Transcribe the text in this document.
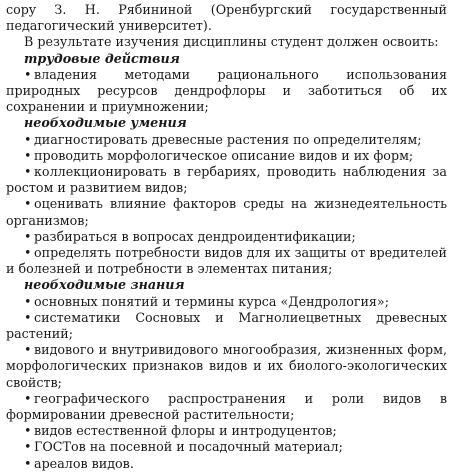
copy З. Н. Рябининой (Оренбургский государственный педагогический университет).

В результате изучения дисциплины студент должен освоить:

трудовые действия

• владения методами рационального использования природных ресурсов дендрофлоры и заботиться об их сохранении и приумножении;

необходимые умения

• диагностировать древесные растения по определителям;

• проводить морфологическое описание видов и их форм;

• коллекционировать в гербариях, проводить наблюдения за ростом и развитием видов;

• оценивать влияние факторов среды на жизнедеятельность организмов;

• разбираться в вопросах дендроидентификации;

• определять потребности видов для их защиты от вредителей и болезней и потребности в элементах питания;

необходимые знания

• основных понятий и термины курса «Дендрология»;

• систематики Сосновых и Магнолиецветных древесных растений;

• видового и внутривидового многообразия, жизненных форм, морфологических признаков видов и их биолого-экологических свойств;

• географического распространения и роли видов в формировании древесной растительности;

• видов естественной флоры и интродуцентов;

• ГОСТов на посевной и посадочный материал;

• ареалов видов.
